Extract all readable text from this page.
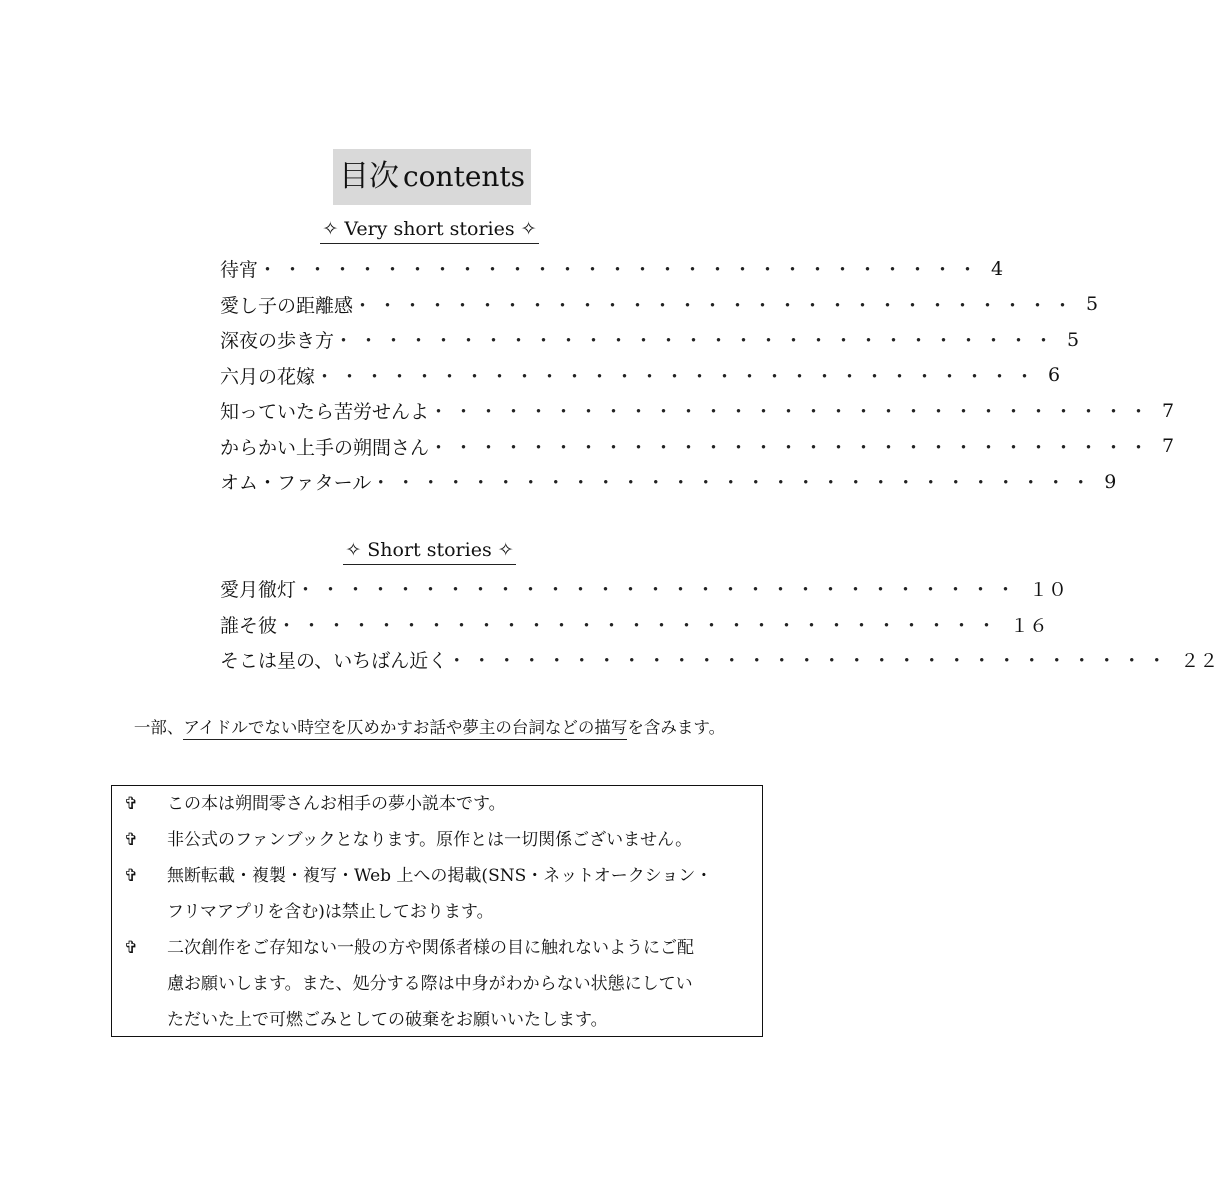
目次 contents
✧ Very short stories ✧
待宵 ・・・・・・・・・・・・・・・・・・・・・・・・・・・・・ 4
愛し子の距離感 ・・・・・・・・・・・・・・・・・・・・・・・・・・・・・ 5
深夜の歩き方 ・・・・・・・・・・・・・・・・・・・・・・・・・・・・・ 5
六月の花嫁 ・・・・・・・・・・・・・・・・・・・・・・・・・・・・・ 6
知っていたら苦労せんよ ・・・・・・・・・・・・・・・・・・・・・・・・・・・・・ 7
からかい上手の朔間さん ・・・・・・・・・・・・・・・・・・・・・・・・・・・・・ 7
オム・ファタール ・・・・・・・・・・・・・・・・・・・・・・・・・・・・・ 9
✧ Short stories ✧
愛月徹灯 ・・・・・・・・・・・・・・・・・・・・・・・・・・・・・ １０
誰そ彼 ・・・・・・・・・・・・・・・・・・・・・・・・・・・・・ １６
そこは星の、いちばん近く ・・・・・・・・・・・・・・・・・・・・・・・・・・・・・ ２２
一部、アイドルでない時空を仄めかすお話や夢主の台詞などの描写を含みます。
✞ この本は朔間零さんお相手の夢小説本です。
✞ 非公式のファンブックとなります。原作とは一切関係ございません。
✞ 無断転載・複製・複写・Web 上への掲載(SNS・ネットオークション・
フリマアプリを含む)は禁止しております。
✞ 二次創作をご存知ない一般の方や関係者様の目に触れないようにご配
慮お願いします。また、処分する際は中身がわからない状態にしてい
ただいた上で可燃ごみとしての破棄をお願いいたします。
